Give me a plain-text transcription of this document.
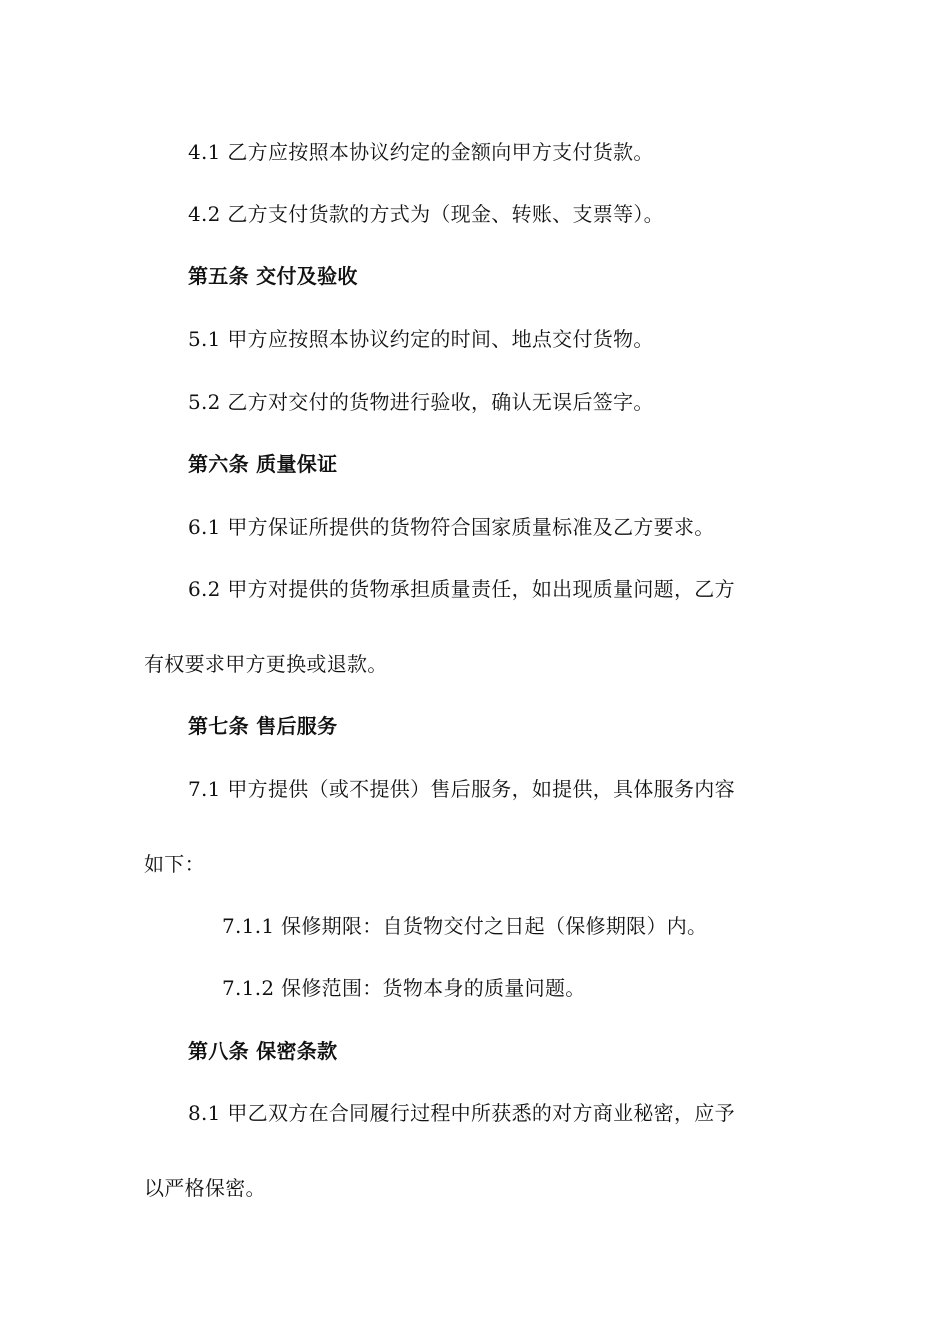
4.1 乙方应按照本协议约定的金额向甲方支付货款。
4.2 乙方支付货款的方式为（现金、转账、支票等）。
第五条 交付及验收
5.1 甲方应按照本协议约定的时间、地点交付货物。
5.2 乙方对交付的货物进行验收，确认无误后签字。
第六条 质量保证
6.1 甲方保证所提供的货物符合国家质量标准及乙方要求。
6.2 甲方对提供的货物承担质量责任，如出现质量问题，乙方
有权要求甲方更换或退款。
第七条 售后服务
7.1 甲方提供（或不提供）售后服务，如提供，具体服务内容
如下：
7.1.1 保修期限：自货物交付之日起（保修期限）内。
7.1.2 保修范围：货物本身的质量问题。
第八条 保密条款
8.1 甲乙双方在合同履行过程中所获悉的对方商业秘密，应予
以严格保密。
